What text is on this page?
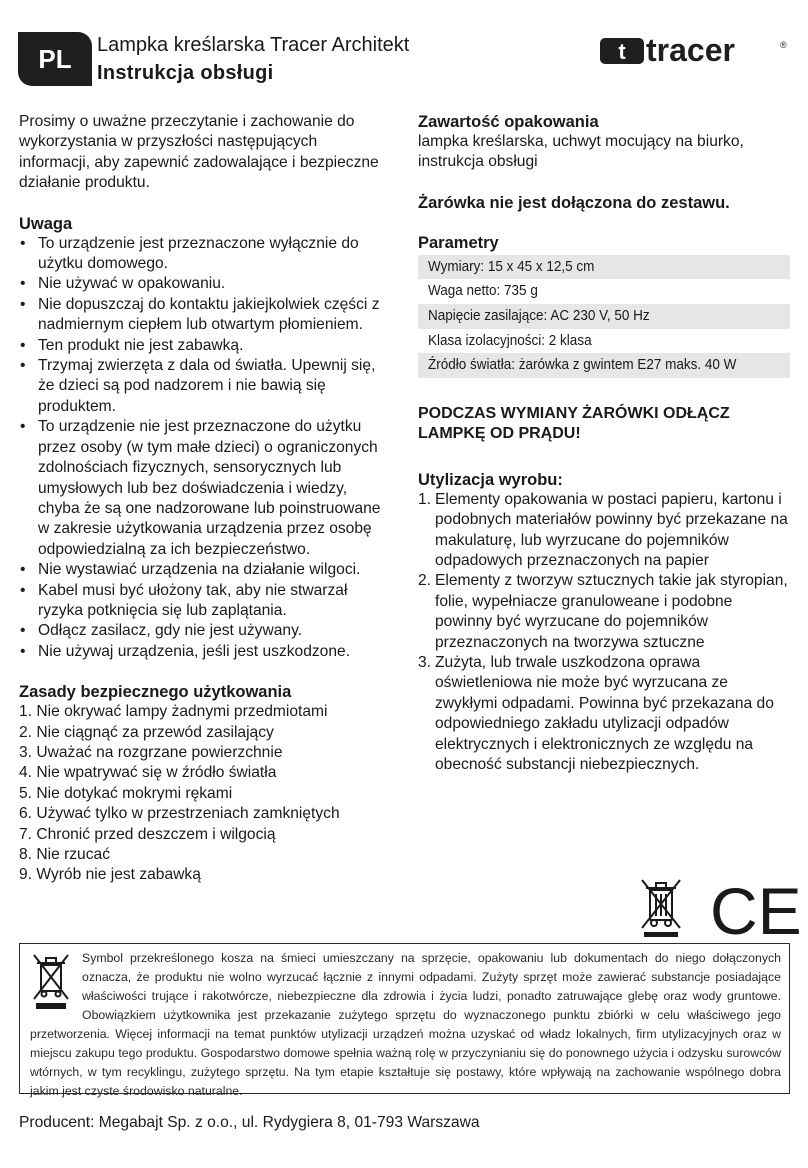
PL	Lampka kreślarska Tracer Architekt
Instrukcja obsługi
t tracer	®

Prosimy o uważne przeczytanie i zachowanie do wykorzystania w przyszłości następujących informacji, aby zapewnić zadowalające i bezpieczne działanie produktu.

Uwaga
• To urządzenie jest przeznaczone wyłącznie do użytku domowego.
• Nie używać w opakowaniu.
• Nie dopuszczaj do kontaktu jakiejkolwiek części z nadmiernym ciepłem lub otwartym płomieniem.
• Ten produkt nie jest zabawką.
• Trzymaj zwierzęta z dala od światła. Upewnij się, że dzieci są pod nadzorem i nie bawią się produktem.
• To urządzenie nie jest przeznaczone do użytku przez osoby (w tym małe dzieci) o ograniczonych zdolnościach fizycznych, sensorycznych lub umysłowych lub bez doświadczenia i wiedzy, chyba że są one nadzorowane lub poinstruowane w zakresie użytkowania urządzenia przez osobę odpowiedzialną za ich bezpieczeństwo.
• Nie wystawiać urządzenia na działanie wilgoci.
• Kabel musi być ułożony tak, aby nie stwarzał ryzyka potknięcia się lub zaplątania.
• Odłącz zasilacz, gdy nie jest używany.
• Nie używaj urządzenia, jeśli jest uszkodzone.
Zasady bezpiecznego użytkowania
1. Nie okrywać lampy żadnymi przedmiotami
2. Nie ciągnąć za przewód zasilający
3. Uważać na rozgrzane powierzchnie
4. Nie wpatrywać się w źródło światła
5. Nie dotykać mokrymi rękami
6. Używać tylko w przestrzeniach zamkniętych
7. Chronić przed deszczem i wilgocią
8. Nie rzucać
9. Wyrób nie jest zabawką
Zawartość opakowania

lampka kreślarska, uchwyt mocujący na biurko, instrukcja obsługi

Żarówka nie jest dołączona do zestawu.
Parametry
Wymiary: 15 x 45 x 12,5 cm
Waga netto: 735 g
Napięcie zasilające: AC 230 V, 50 Hz
Klasa izolacyjności: 2 klasa
Źródło światła: żarówka z gwintem E27 maks. 40 W
PODCZAS WYMIANY ŻARÓWKI ODŁĄCZ LAMPKĘ OD PRĄDU!
Utylizacja wyrobu:
1. Elementy opakowania w postaci papieru, kartonu i podobnych materiałów powinny być przekazane na makulaturę, lub wyrzucane do pojemników odpadowych przeznaczonych na papier
2. Elementy z tworzyw sztucznych takie jak styropian, folie, wypełniacze granuloweane i podobne powinny być wyrzucane do pojemników przeznaczonych na tworzywa sztuczne
3. Zużyta, lub trwale uszkodzona oprawa oświetleniowa nie może być wyrzucana ze zwykłymi odpadami. Powinna być przekazana do odpowiedniego zakładu utylizacji odpadów elektrycznych i elektronicznych ze względu na obecność substancji niebezpiecznych.
CE
Symbol przekreślonego kosza na śmieci umieszczany na sprzęcie, opakowaniu lub dokumentach do niego dołączonych oznacza, że produktu nie wolno wyrzucać łącznie z innymi odpadami. Zużyty sprzęt może zawierać substancje posiadające właściwości trujące i rakotwórcze, niebezpieczne dla zdrowia i życia ludzi, ponadto zatruwające glebę oraz wody gruntowe. Obowiązkiem użytkownika jest przekazanie zużytego sprzętu do wyznaczonego punktu zbiórki w celu właściwego jego przetworzenia. Więcej informacji na temat punktów utylizacji urządzeń można uzyskać od władz lokalnych, firm utylizacyjnych oraz w miejscu zakupu tego produktu. Gospodarstwo domowe spełnia ważną rolę w przyczynianiu się do ponownego użycia i odzysku surowców wtórnych, w tym recyklingu, zużytego sprzętu. Na tym etapie kształtuje się postawy, które wpływają na zachowanie wspólnego dobra jakim jest czyste środowisko naturalne.
Producent: Megabajt Sp. z o.o., ul. Rydygiera 8, 01-793 Warszawa
